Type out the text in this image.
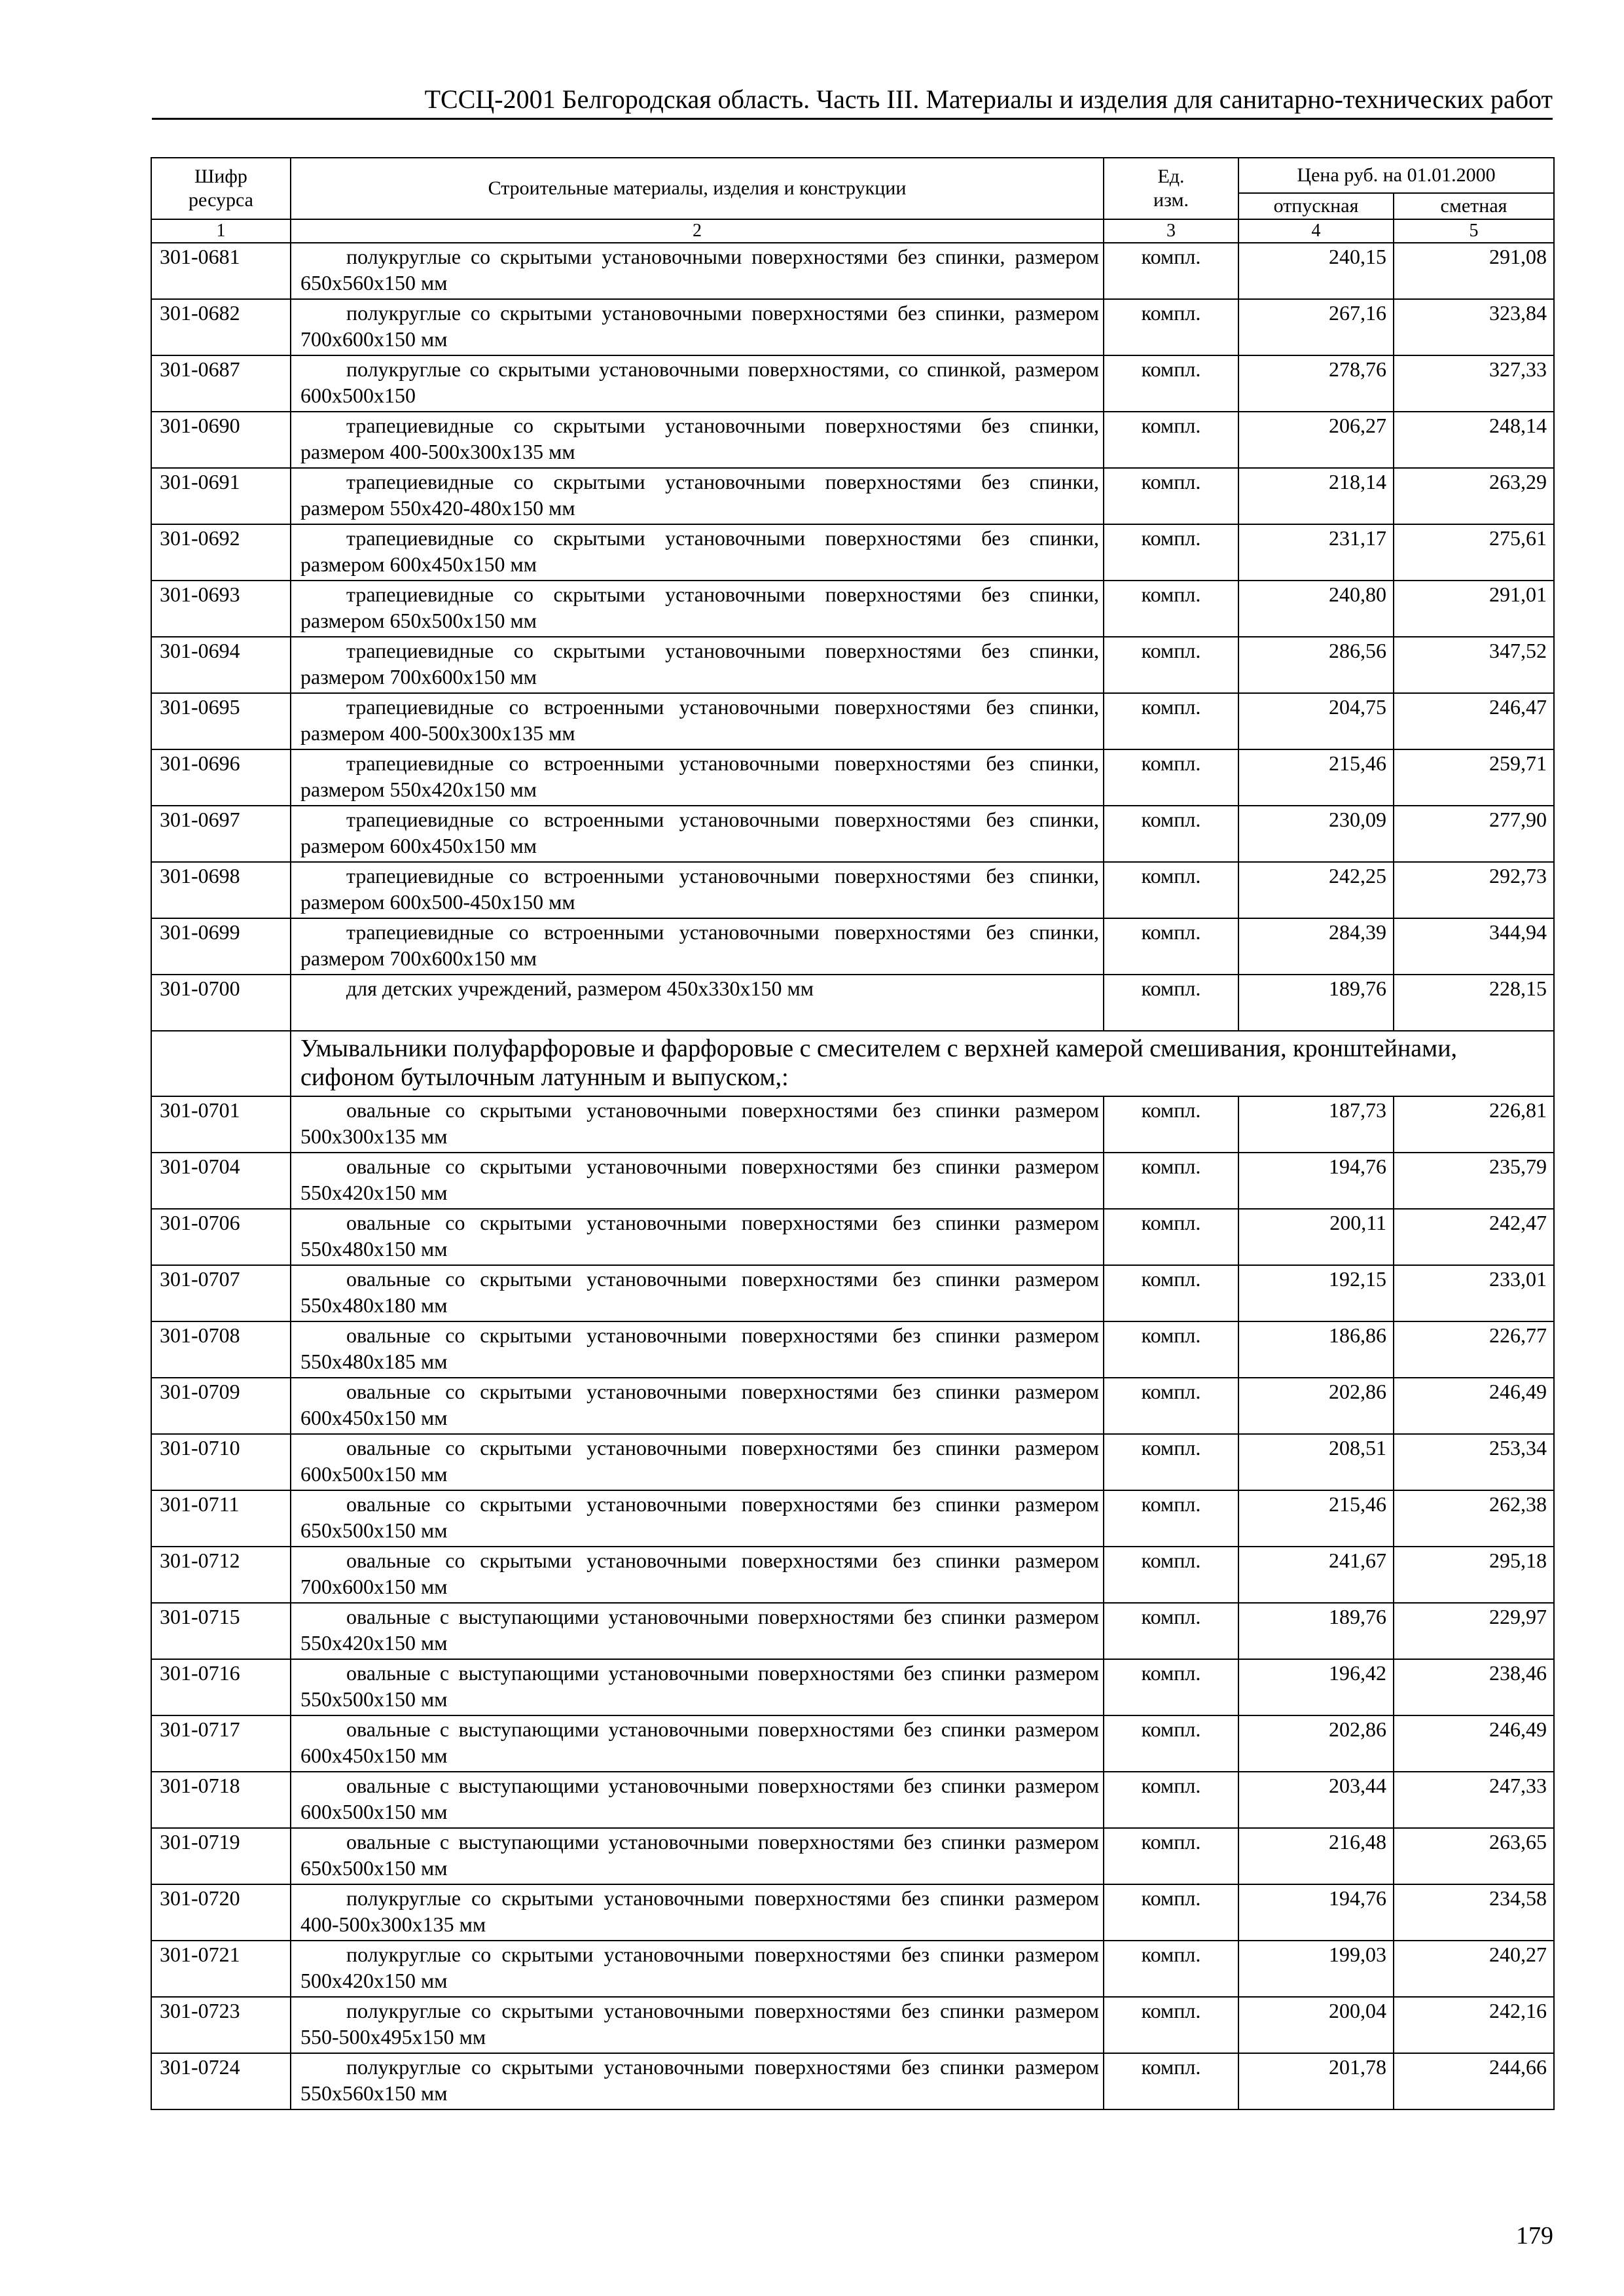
ТССЦ-2001 Белгородская область. Часть III. Материалы и изделия для санитарно-технических работ
Шифр ресурса	Строительные материалы, изделия и конструкции	Ед. изм.	Цена руб. на 01.01.2000	
			отпускная	сметная
1	2	3	4	5
301-0681	полукруглые со скрытыми установочными поверхностями без спинки, размером 650x560x150 мм	компл.	240,15	291,08
301-0682	полукруглые со скрытыми установочными поверхностями без спинки, размером 700x600x150 мм	компл.	267,16	323,84
301-0687	полукруглые со скрытыми установочными поверхностями, со спинкой, размером 600x500x150	компл.	278,76	327,33
301-0690	трапециевидные со скрытыми установочными поверхностями без спинки, размером 400-500x300x135 мм	компл.	206,27	248,14
301-0691	трапециевидные со скрытыми установочными поверхностями без спинки, размером 550x420-480x150 мм	компл.	218,14	263,29
301-0692	трапециевидные со скрытыми установочными поверхностями без спинки, размером 600x450x150 мм	компл.	231,17	275,61
301-0693	трапециевидные со скрытыми установочными поверхностями без спинки, размером 650x500x150 мм	компл.	240,80	291,01
301-0694	трапециевидные со скрытыми установочными поверхностями без спинки, размером 700x600x150 мм	компл.	286,56	347,52
301-0695	трапециевидные со встроенными установочными поверхностями без спинки, размером 400-500x300x135 мм	компл.	204,75	246,47
301-0696	трапециевидные со встроенными установочными поверхностями без спинки, размером 550x420x150 мм	компл.	215,46	259,71
301-0697	трапециевидные со встроенными установочными поверхностями без спинки, размером 600x450x150 мм	компл.	230,09	277,90
301-0698	трапециевидные со встроенными установочными поверхностями без спинки, размером 600x500-450x150 мм	компл.	242,25	292,73
301-0699	трапециевидные со встроенными установочными поверхностями без спинки, размером 700x600x150 мм	компл.	284,39	344,94
301-0700	для детских учреждений, размером 450x330x150 мм	компл.	189,76	228,15
	Умывальники полуфарфоровые и фарфоровые с смесителем с верхней камерой смешивания, кронштейнами, сифоном бутылочным латунным и выпуском,:			
301-0701	овальные со скрытыми установочными поверхностями без спинки размером 500x300x135 мм	компл.	187,73	226,81
301-0704	овальные со скрытыми установочными поверхностями без спинки размером 550x420x150 мм	компл.	194,76	235,79
301-0706	овальные со скрытыми установочными поверхностями без спинки размером 550x480x150 мм	компл.	200,11	242,47
301-0707	овальные со скрытыми установочными поверхностями без спинки размером 550x480x180 мм	компл.	192,15	233,01
301-0708	овальные со скрытыми установочными поверхностями без спинки размером 550x480x185 мм	компл.	186,86	226,77
301-0709	овальные со скрытыми установочными поверхностями без спинки размером 600x450x150 мм	компл.	202,86	246,49
301-0710	овальные со скрытыми установочными поверхностями без спинки размером 600x500x150 мм	компл.	208,51	253,34
301-0711	овальные со скрытыми установочными поверхностями без спинки размером 650x500x150 мм	компл.	215,46	262,38
301-0712	овальные со скрытыми установочными поверхностями без спинки размером 700x600x150 мм	компл.	241,67	295,18
301-0715	овальные с выступающими установочными поверхностями без спинки размером 550x420x150 мм	компл.	189,76	229,97
301-0716	овальные с выступающими установочными поверхностями без спинки размером 550x500x150 мм	компл.	196,42	238,46
301-0717	овальные с выступающими установочными поверхностями без спинки размером 600x450x150 мм	компл.	202,86	246,49
301-0718	овальные с выступающими установочными поверхностями без спинки размером 600x500x150 мм	компл.	203,44	247,33
301-0719	овальные с выступающими установочными поверхностями без спинки размером 650x500x150 мм	компл.	216,48	263,65
301-0720	полукруглые со скрытыми установочными поверхностями без спинки размером 400-500x300x135 мм	компл.	194,76	234,58
301-0721	полукруглые со скрытыми установочными поверхностями без спинки размером 500x420x150 мм	компл.	199,03	240,27
301-0723	полукруглые со скрытыми установочными поверхностями без спинки размером 550-500x495x150 мм	компл.	200,04	242,16
301-0724	полукруглые со скрытыми установочными поверхностями без спинки размером 550x560x150 мм	компл.	201,78	244,66
179
